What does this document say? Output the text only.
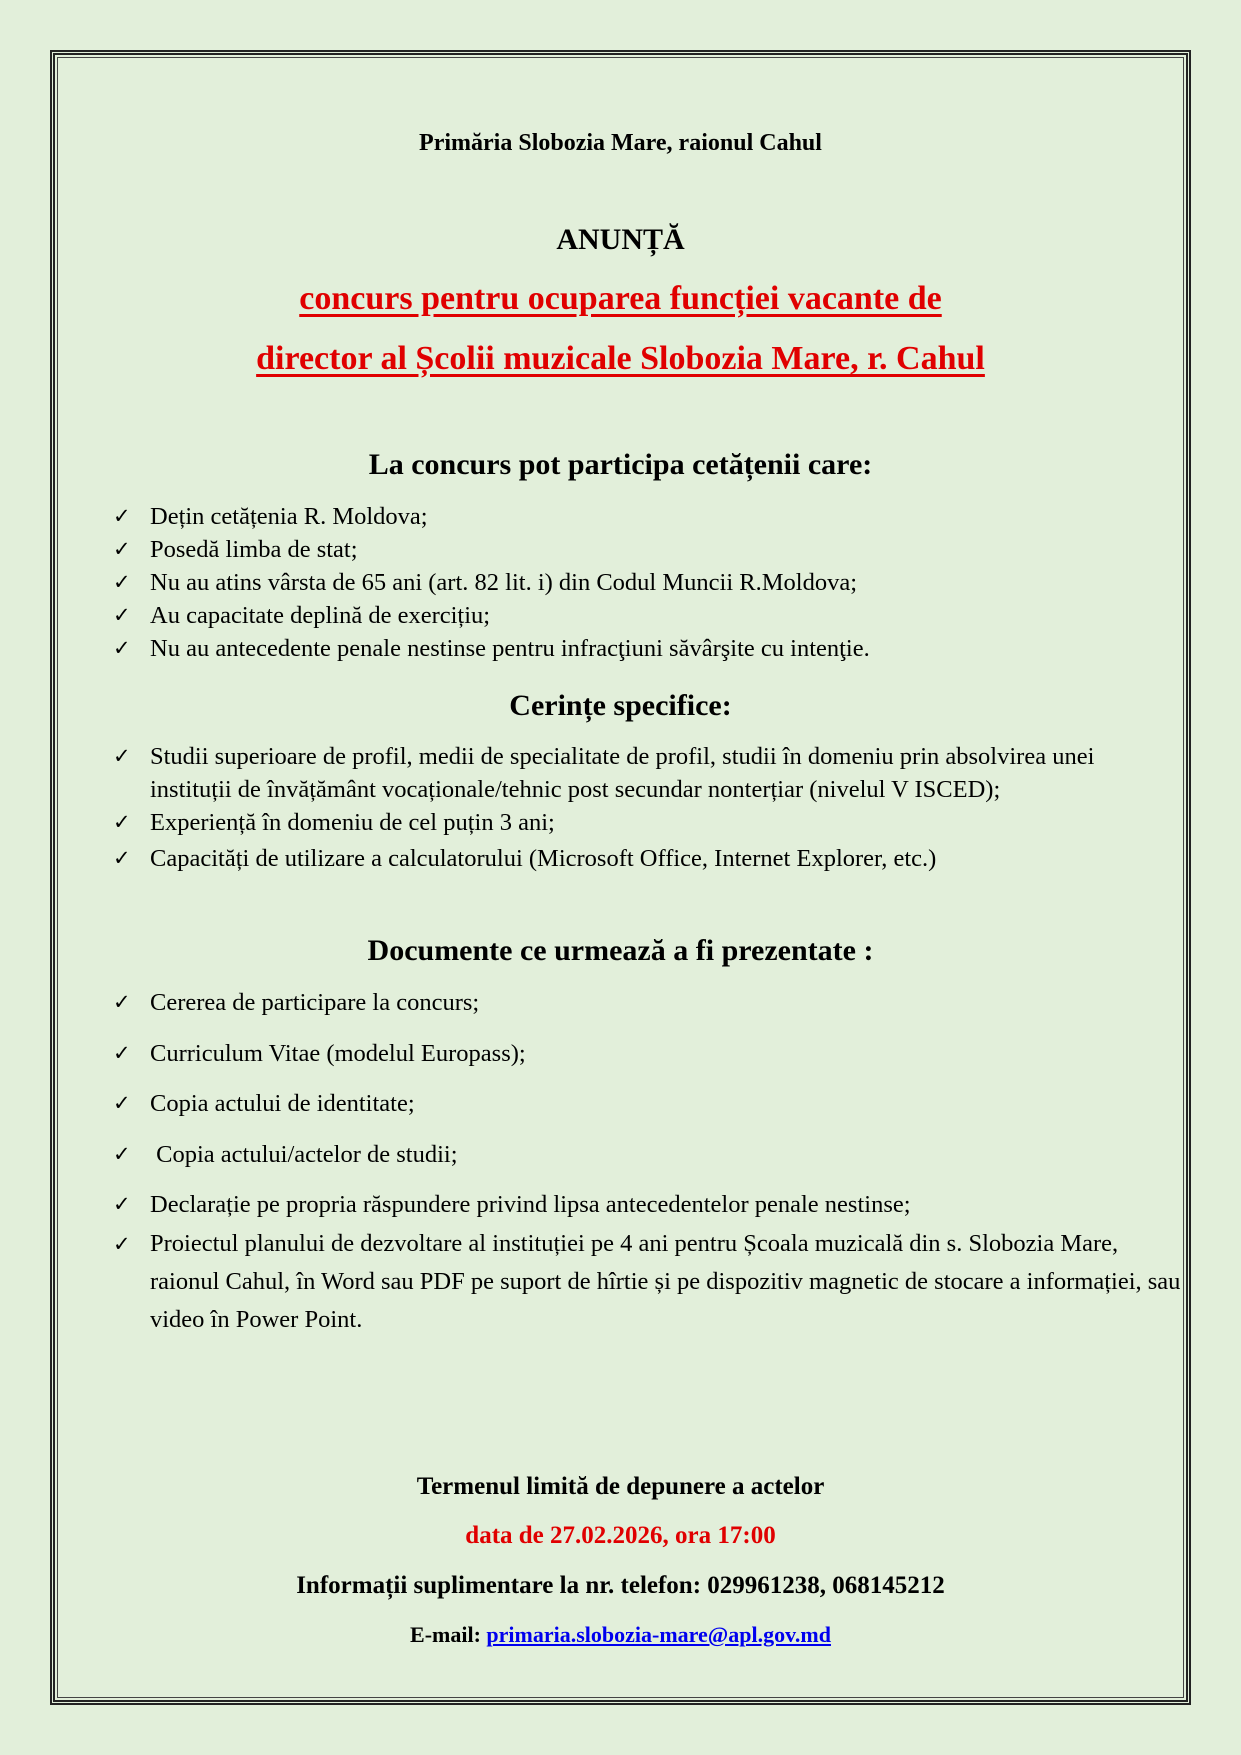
Primăria Slobozia Mare, raionul Cahul
ANUNȚĂ
concurs pentru ocuparea funcției vacante de
director al Școlii muzicale Slobozia Mare, r. Cahul
La concurs pot participa cetățenii care:
✓ Dețin cetățenia R. Moldova;
✓ Posedă limba de stat;
✓ Nu au atins vârsta de 65 ani (art. 82 lit. i) din Codul Muncii R.Moldova;
✓ Au capacitate deplină de exercițiu;
✓ Nu au antecedente penale nestinse pentru infracţiuni săvârşite cu intenţie.
Cerințe specifice:
✓ Studii superioare de profil, medii de specialitate de profil, studii în domeniu prin absolvirea unei instituții de învățământ vocaționale/tehnic post secundar nonterțiar (nivelul V ISCED);
✓ Experiență în domeniu de cel puțin 3 ani;
✓ Capacități de utilizare a calculatorului (Microsoft Office, Internet Explorer, etc.)
Documente ce urmează a fi prezentate :
✓ Cererea de participare la concurs;
✓ Curriculum Vitae (modelul Europass);
✓ Copia actului de identitate;
✓ Copia actului/actelor de studii;
✓ Declarație pe propria răspundere privind lipsa antecedentelor penale nestinse;
✓ Proiectul planului de dezvoltare al instituției pe 4 ani pentru Școala muzicală din s. Slobozia Mare, raionul Cahul, în Word sau PDF pe suport de hîrtie și pe dispozitiv magnetic de stocare a informației, sau video în Power Point.
Termenul limită de depunere a actelor
data de 27.02.2026, ora 17:00
Informații suplimentare la nr. telefon: 029961238, 068145212
E-mail: primaria.slobozia-mare@apl.gov.md
